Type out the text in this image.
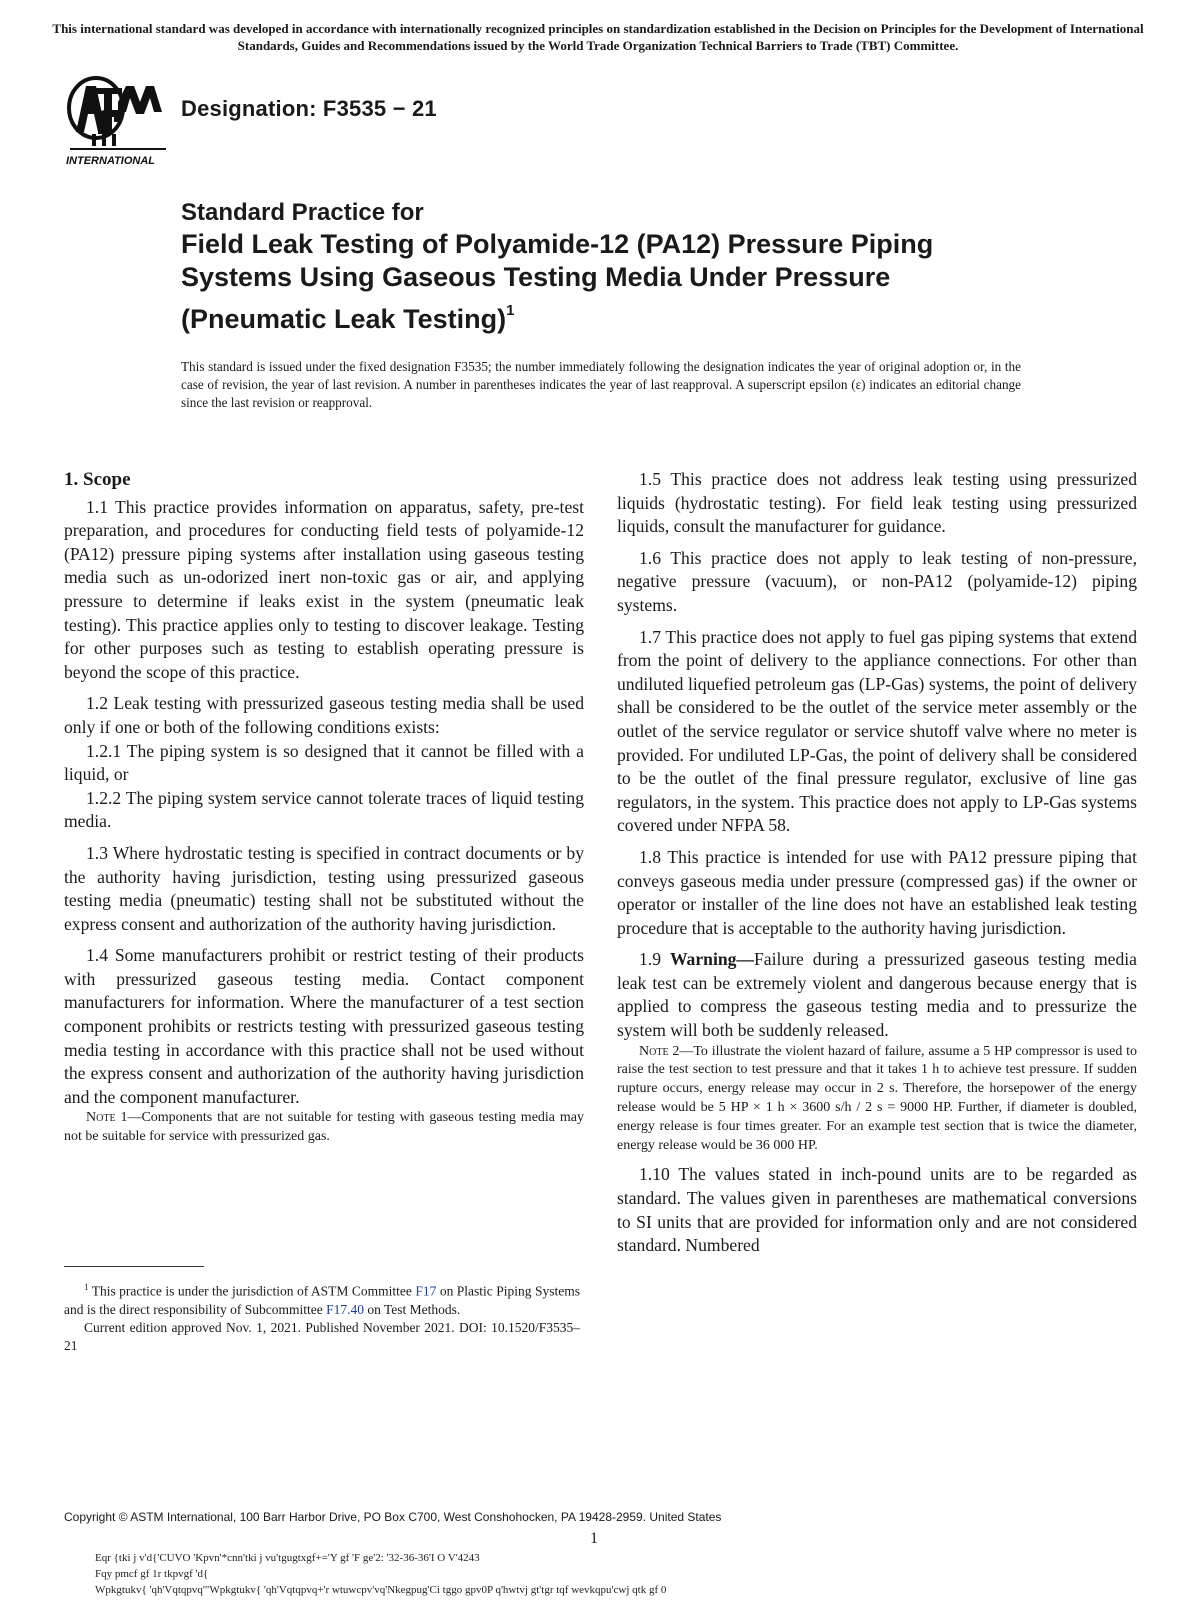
This international standard was developed in accordance with internationally recognized principles on standardization established in the Decision on Principles for the Development of International Standards, Guides and Recommendations issued by the World Trade Organization Technical Barriers to Trade (TBT) Committee.

INTERNATIONAL

Designation: F3535 − 21

Standard Practice for

Field Leak Testing of Polyamide-12 (PA12) Pressure Piping

Systems Using Gaseous Testing Media Under Pressure

(Pneumatic Leak Testing)$^1$

This standard is issued under the fixed designation F3535; the number immediately following the designation indicates the year of original adoption or, in the case of revision, the year of last revision. A number in parentheses indicates the year of last reapproval. A superscript epsilon (ε) indicates an editorial change since the last revision or reapproval.

1. Scope

1.1 This practice provides information on apparatus, safety, pre-test preparation, and procedures for conducting field tests of polyamide-12 (PA12) pressure piping systems after installation using gaseous testing media such as un-odorized inert non-toxic gas or air, and applying pressure to determine if leaks exist in the system (pneumatic leak testing). This practice applies only to testing to discover leakage. Testing for other purposes such as testing to establish operating pressure is beyond the scope of this practice.

1.2 Leak testing with pressurized gaseous testing media shall be used only if one or both of the following conditions exists:

1.2.1 The piping system is so designed that it cannot be filled with a liquid, or

1.2.2 The piping system service cannot tolerate traces of liquid testing media.

1.3 Where hydrostatic testing is specified in contract documents or by the authority having jurisdiction, testing using pressurized gaseous testing media (pneumatic) testing shall not be substituted without the express consent and authorization of the authority having jurisdiction.

1.4 Some manufacturers prohibit or restrict testing of their products with pressurized gaseous testing media. Contact component manufacturers for information. Where the manufacturer of a test section component prohibits or restricts testing with pressurized gaseous testing media testing in accordance with this practice shall not be used without the express consent and authorization of the authority having jurisdiction and the component manufacturer.

Note 1—Components that are not suitable for testing with gaseous testing media may not be suitable for service with pressurized gas.

1.5 This practice does not address leak testing using pressurized liquids (hydrostatic testing). For field leak testing using pressurized liquids, consult the manufacturer for guidance.

1.6 This practice does not apply to leak testing of non-pressure, negative pressure (vacuum), or non-PA12 (polyamide-12) piping systems.

1.7 This practice does not apply to fuel gas piping systems that extend from the point of delivery to the appliance connections. For other than undiluted liquefied petroleum gas (LP-Gas) systems, the point of delivery shall be considered to be the outlet of the service meter assembly or the outlet of the service regulator or service shutoff valve where no meter is provided. For undiluted LP-Gas, the point of delivery shall be considered to be the outlet of the final pressure regulator, exclusive of line gas regulators, in the system. This practice does not apply to LP-Gas systems covered under NFPA 58.

1.8 This practice is intended for use with PA12 pressure piping that conveys gaseous media under pressure (compressed gas) if the owner or operator or installer of the line does not have an established leak testing procedure that is acceptable to the authority having jurisdiction.

1.9 Warning—Failure during a pressurized gaseous testing media leak test can be extremely violent and dangerous because energy that is applied to compress the gaseous testing media and to pressurize the system will both be suddenly released.

Note 2—To illustrate the violent hazard of failure, assume a 5 HP compressor is used to raise the test section to test pressure and that it takes 1 h to achieve test pressure. If sudden rupture occurs, energy release may occur in 2 s. Therefore, the horsepower of the energy release would be 5 HP × 1 h × 3600 s/h / 2 s = 9000 HP. Further, if diameter is doubled, energy release is four times greater. For an example test section that is twice the diameter, energy release would be 36 000 HP.

1.10 The values stated in inch-pound units are to be regarded as standard. The values given in parentheses are mathematical conversions to SI units that are provided for information only and are not considered standard. Numbered

$^1$ This practice is under the jurisdiction of ASTM Committee F17 on Plastic Piping Systems and is the direct responsibility of Subcommittee F17.40 on Test Methods.

Current edition approved Nov. 1, 2021. Published November 2021. DOI: 10.1520/F3535–21

Copyright © ASTM International, 100 Barr Harbor Drive, PO Box C700, West Conshohocken, PA 19428-2959. United States

1

Eqr {tki j v'd{'CUVO 'Kpvn'*cnn'tki j vu'tgugtxgf+='Y gf 'F ge'2: '32-36-36'I O V'4243
Fqy pmcf gf 1r tkpvgf 'd{
Wpkgtukv{ 'qh'Vqtqpvq'"Wpkgtukv{ 'qh'Vqtqpvq+'r wtuwcpv'vq'Nkegpug'Ci tggo gpv0P q'hwtvj gt'tgr tqf wevkqpu'cwj qtk gf 0
